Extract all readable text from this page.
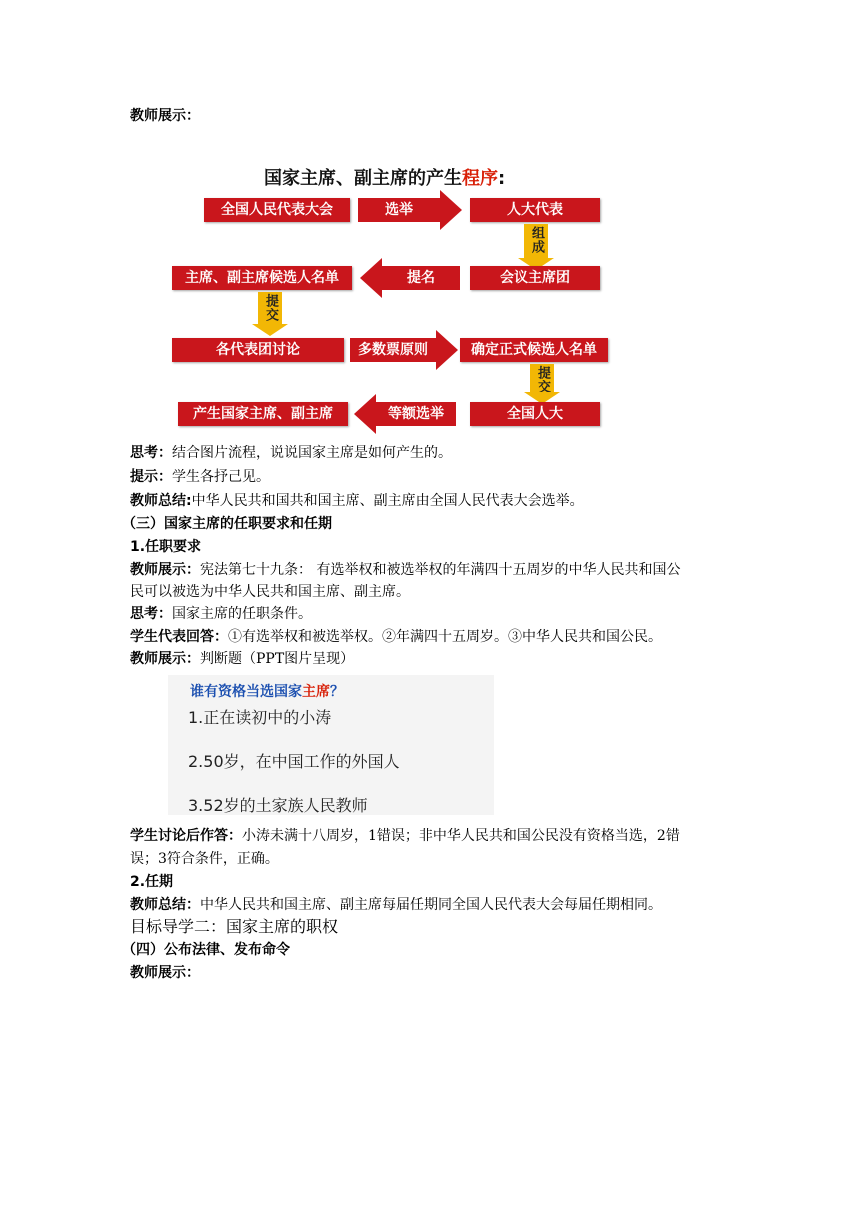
教师展示：
国家主席、副主席的产生程序:
全国人民代表大会	选举	人大代表
组成
主席、副主席候选人名单	提名	会议主席团
提交
各代表团讨论	多数票原则	确定正式候选人名单
提交
产生国家主席、副主席	等额选举	全国人大
思考：结合图片流程，说说国家主席是如何产生的。
提示：学生各抒己见。
教师总结:中华人民共和国共和国主席、副主席由全国人民代表大会选举。
（三）国家主席的任职要求和任期
1.任职要求
教师展示：宪法第七十九条： 有选举权和被选举权的年满四十五周岁的中华人民共和国公
民可以被选为中华人民共和国主席、副主席。
思考：国家主席的任职条件。
学生代表回答：①有选举权和被选举权。②年满四十五周岁。③中华人民共和国公民。
教师展示：判断题（PPT图片呈现）
谁有资格当选国家主席？
1.正在读初中的小涛
2.50岁，在中国工作的外国人
3.52岁的土家族人民教师
学生讨论后作答：小涛未满十八周岁，1错误；非中华人民共和国公民没有资格当选，2错
误；3符合条件，正确。
2.任期
教师总结：中华人民共和国主席、副主席每届任期同全国人民代表大会每届任期相同。
目标导学二：国家主席的职权
（四）公布法律、发布命令
教师展示：
